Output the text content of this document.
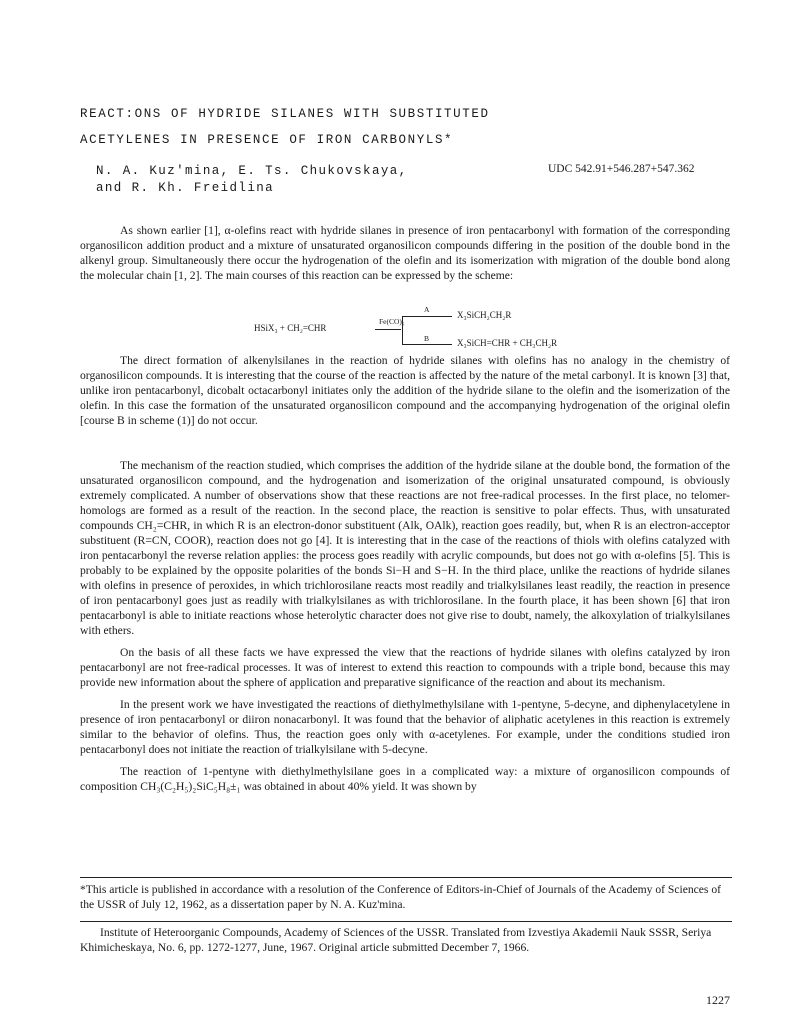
REACT:ONS OF HYDRIDE SILANES WITH SUBSTITUTED
ACETYLENES IN PRESENCE OF IRON CARBONYLS*
N. A. Kuz'mina, E. Ts. Chukovskaya,
and R. Kh. Freidlina
UDC 542.91+546.287+547.362

As shown earlier [1], α-olefins react with hydride silanes in presence of iron pentacarbonyl with formation of the corresponding organosilicon addition product and a mixture of unsaturated organosilicon compounds differing in the position of the double bond in the alkenyl group. Simultaneously there occur the hydrogenation of the olefin and its isomerization with migration of the double bond along the molecular chain [1, 2]. The main courses of this reaction can be expressed by the scheme:

HSiX₃ + CH₂=CHR
Fe(CO)₅
A
B
X₃SiCH₂CH₂R
X₃SiCH=CHR + CH₃CH₂R

The direct formation of alkenylsilanes in the reaction of hydride silanes with olefins has no analogy in the chemistry of organosilicon compounds. It is interesting that the course of the reaction is affected by the nature of the metal carbonyl. It is known [3] that, unlike iron pentacarbonyl, dicobalt octacarbonyl initiates only the addition of the hydride silane to the olefin and the isomerization of the olefin. In this case the formation of the unsaturated organosilicon compound and the accompanying hydrogenation of the original olefin [course B in scheme (1)] do not occur.

The mechanism of the reaction studied, which comprises the addition of the hydride silane at the double bond, the formation of the unsaturated organosilicon compound, and the hydrogenation and isomerization of the original unsaturated compound, is obviously extremely complicated. A number of observations show that these reactions are not free-radical processes. In the first place, no telomer-homologs are formed as a result of the reaction. In the second place, the reaction is sensitive to polar effects. Thus, with unsaturated compounds CH₂=CHR, in which R is an electron-donor substituent (Alk, OAlk), reaction goes readily, but, when R is an electron-acceptor substituent (R=CN, COOR), reaction does not go [4]. It is interesting that in the case of the reactions of thiols with olefins catalyzed with iron pentacarbonyl the reverse relation applies: the process goes readily with acrylic compounds, but does not go with α-olefins [5]. This is probably to be explained by the opposite polarities of the bonds Si−H and S−H. In the third place, unlike the reactions of hydride silanes with olefins in presence of peroxides, in which trichlorosilane reacts most readily and trialkylsilanes least readily, the reaction in presence of iron pentacarbonyl goes just as readily with trialkylsilanes as with trichlorosilane. In the fourth place, it has been shown [6] that iron pentacarbonyl is able to initiate reactions whose heterolytic character does not give rise to doubt, namely, the alkoxylation of trialkylsilanes with ethers.

On the basis of all these facts we have expressed the view that the reactions of hydride silanes with olefins catalyzed by iron pentacarbonyl are not free-radical processes. It was of interest to extend this reaction to compounds with a triple bond, because this may provide new information about the sphere of application and preparative significance of the reaction and about its mechanism.

In the present work we have investigated the reactions of diethylmethylsilane with 1-pentyne, 5-decyne, and diphenylacetylene in presence of iron pentacarbonyl or diiron nonacarbonyl. It was found that the behavior of aliphatic acetylenes in this reaction is extremely similar to the behavior of olefins. Thus, the reaction goes only with α-acetylenes. For example, under the conditions studied iron pentacarbonyl does not initiate the reaction of trialkylsilane with 5-decyne.

The reaction of 1-pentyne with diethylmethylsilane goes in a complicated way: a mixture of organosilicon compounds of composition CH₃(C₂H₅)₂SiC₅H₈±₁ was obtained in about 40% yield. It was shown by

*This article is published in accordance with a resolution of the Conference of Editors-in-Chief of Journals of the Academy of Sciences of the USSR of July 12, 1962, as a dissertation paper by N. A. Kuz'mina.

Institute of Heteroorganic Compounds, Academy of Sciences of the USSR. Translated from Izvestiya Akademii Nauk SSSR, Seriya Khimicheskaya, No. 6, pp. 1272-1277, June, 1967. Original article submitted December 7, 1966.

1227
